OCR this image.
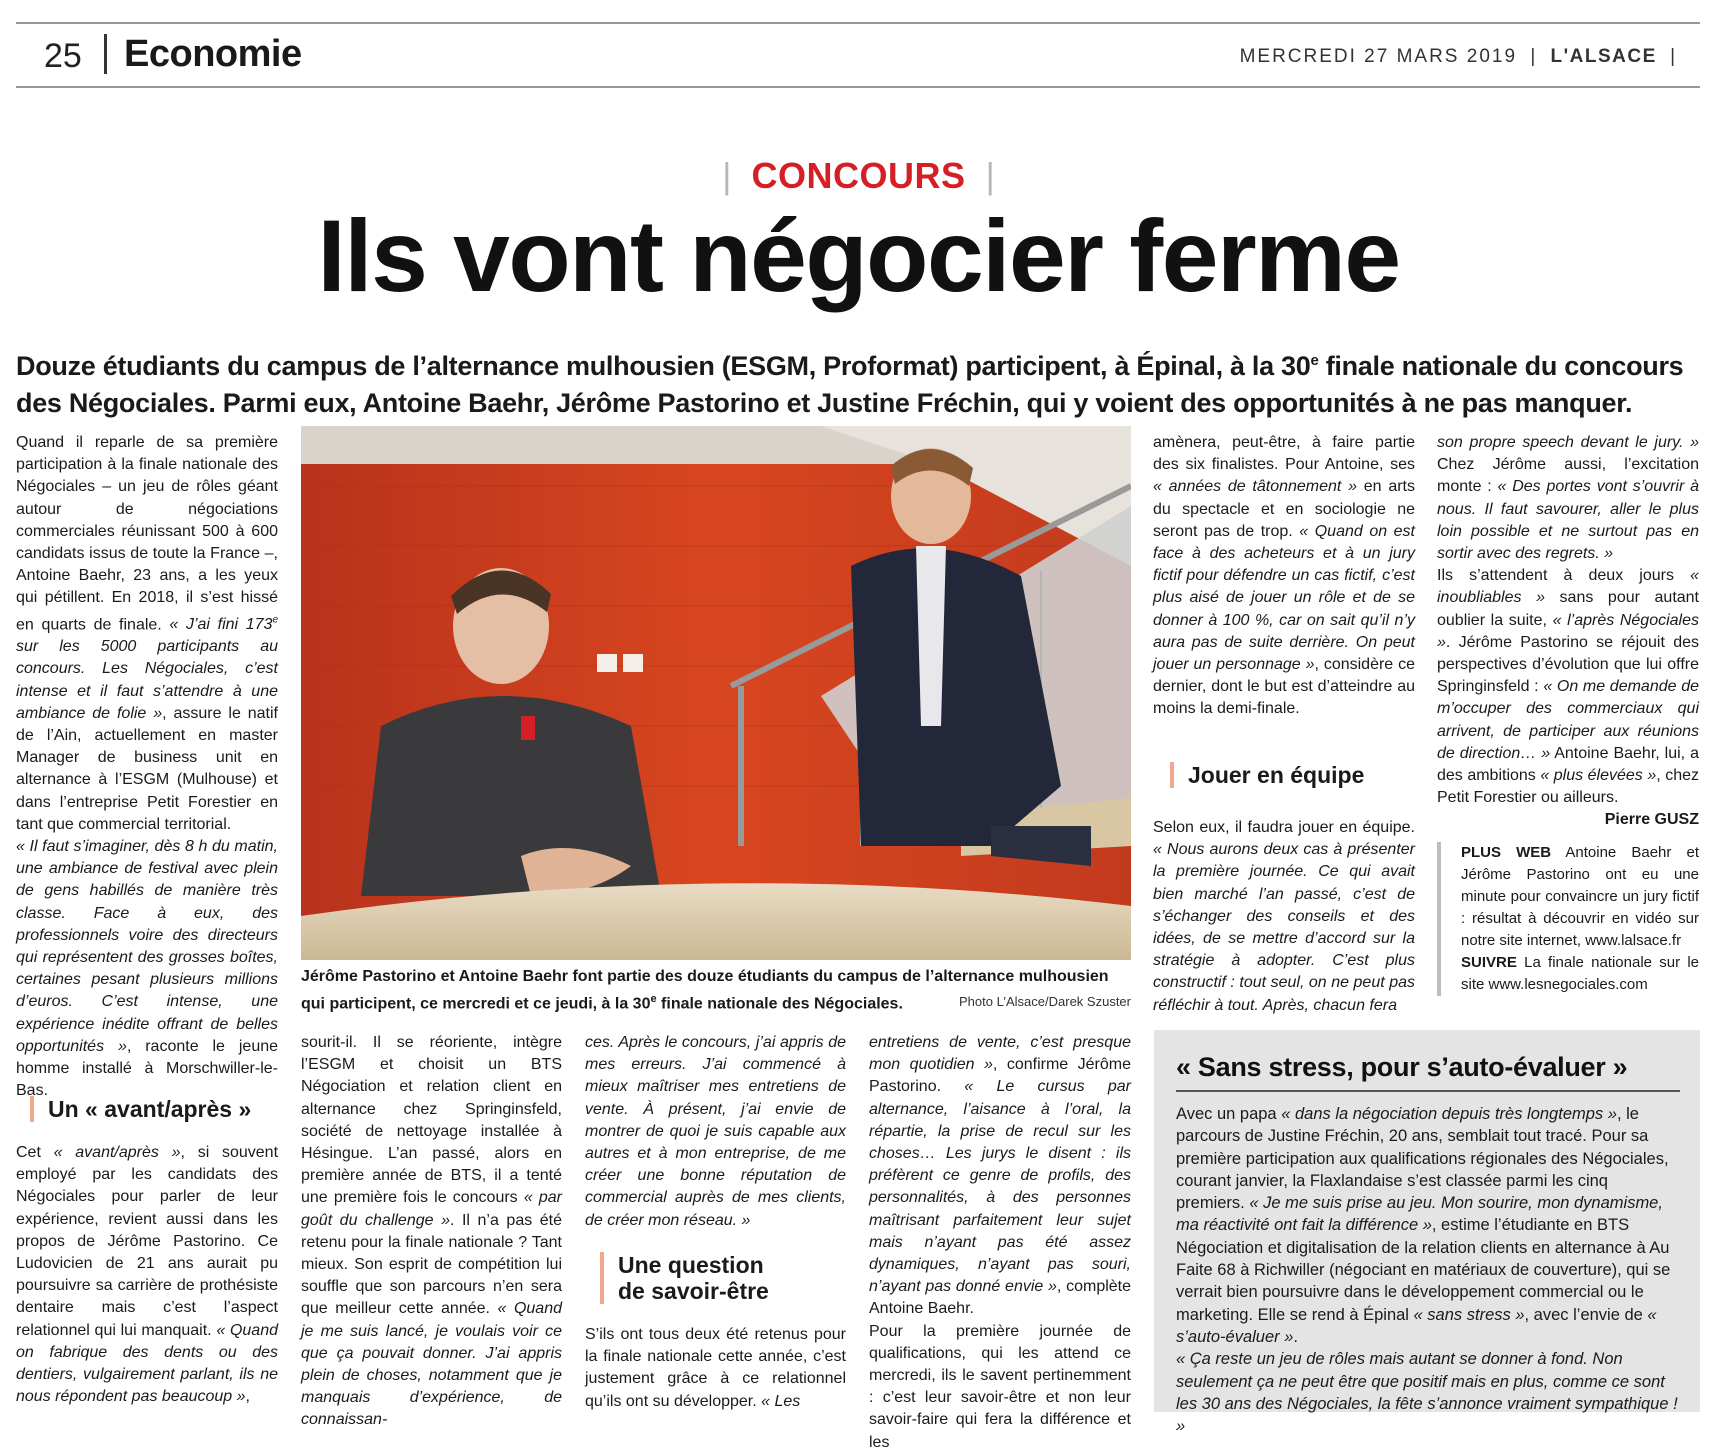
25 Economie	MERCREDI 27 MARS 2019 | L'ALSACE |
| CONCOURS |
Ils vont négocier ferme
Douze étudiants du campus de l’alternance mulhousien (ESGM, Proformat) participent, à Épinal, à la 30e finale nationale du concours des Négociales. Parmi eux, Antoine Baehr, Jérôme Pastorino et Justine Fréchin, qui y voient des opportunités à ne pas manquer.

Quand il reparle de sa première participation à la finale nationale des Négociales – un jeu de rôles géant autour de négociations commerciales réunissant 500 à 600 candidats issus de toute la France –, Antoine Baehr, 23 ans, a les yeux qui pétillent. En 2018, il s’est hissé en quarts de finale. « J’ai fini 173e sur les 5000 participants au concours. Les Négociales, c’est intense et il faut s’attendre à une ambiance de folie », assure le natif de l’Ain, actuellement en master Manager de business unit en alternance à l’ESGM (Mulhouse) et dans l’entreprise Petit Forestier en tant que commercial territorial.

« Il faut s’imaginer, dès 8 h du matin, une ambiance de festival avec plein de gens habillés de manière très classe. Face à eux, des professionnels voire des directeurs qui représentent des grosses boîtes, certaines pesant plusieurs millions d’euros. C’est intense, une expérience inédite offrant de belles opportunités », raconte le jeune homme installé à Morschwiller-le-Bas.

Un « avant/après »

Cet « avant/après », si souvent employé par les candidats des Négociales pour parler de leur expérience, revient aussi dans les propos de Jérôme Pastorino. Ce Ludovicien de 21 ans aurait pu poursuivre sa carrière de prothésiste dentaire mais c’est l’aspect relationnel qui lui manquait. « Quand on fabrique des dents ou des dentiers, vulgairement parlant, ils ne nous répondent pas beaucoup »,

Jérôme Pastorino et Antoine Baehr font partie des douze étudiants du campus de l’alternance mulhousien qui participent, ce mercredi et ce jeudi, à la 30e finale nationale des Négociales.	Photo L’Alsace/Darek Szuster

sourit-il. Il se réoriente, intègre l’ESGM et choisit un BTS Négociation et relation client en alternance chez Springinsfeld, société de nettoyage installée à Hésingue. L’an passé, alors en première année de BTS, il a tenté une première fois le concours « par goût du challenge ». Il n’a pas été retenu pour la finale nationale ? Tant mieux. Son esprit de compétition lui souffle que son parcours n’en sera que meilleur cette année. « Quand je me suis lancé, je voulais voir ce que ça pouvait donner. J’ai appris plein de choses, notamment que je manquais d’expérience, de connaissan-

ces. Après le concours, j’ai appris de mes erreurs. J’ai commencé à mieux maîtriser mes entretiens de vente. À présent, j’ai envie de montrer de quoi je suis capable aux autres et à mon entreprise, de me créer une bonne réputation de commercial auprès de mes clients, de créer mon réseau. »

Une question
de savoir-être

S’ils ont tous deux été retenus pour la finale nationale cette année, c’est justement grâce à ce relationnel qu’ils ont su développer. « Les

entretiens de vente, c’est presque mon quotidien », confirme Jérôme Pastorino. « Le cursus par alternance, l’aisance à l’oral, la répartie, la prise de recul sur les choses… Les jurys le disent : ils préfèrent ce genre de profils, des personnalités, à des personnes maîtrisant parfaitement leur sujet mais n’ayant pas été assez dynamiques, n’ayant pas souri, n’ayant pas donné envie », complète Antoine Baehr.

Pour la première journée de qualifications, qui les attend ce mercredi, ils le savent pertinemment : c’est leur savoir-être et non leur savoir-faire qui fera la différence et les

amènera, peut-être, à faire partie des six finalistes. Pour Antoine, ses « années de tâtonnement » en arts du spectacle et en sociologie ne seront pas de trop. « Quand on est face à des acheteurs et à un jury fictif pour défendre un cas fictif, c’est plus aisé de jouer un rôle et de se donner à 100 %, car on sait qu’il n’y aura pas de suite derrière. On peut jouer un personnage », considère ce dernier, dont le but est d’atteindre au moins la demi-finale.

Jouer en équipe

Selon eux, il faudra jouer en équipe. « Nous aurons deux cas à présenter la première journée. Ce qui avait bien marché l’an passé, c’est de s’échanger des conseils et des idées, de se mettre d’accord sur la stratégie à adopter. C’est plus constructif : tout seul, on ne peut pas réfléchir à tout. Après, chacun fera

son propre speech devant le jury. » Chez Jérôme aussi, l’excitation monte : « Des portes vont s’ouvrir à nous. Il faut savourer, aller le plus loin possible et ne surtout pas en sortir avec des regrets. »

Ils s’attendent à deux jours « inoubliables » sans pour autant oublier la suite, « l’après Négociales ». Jérôme Pastorino se réjouit des perspectives d’évolution que lui offre Springinsfeld : « On me demande de m’occuper des commerciaux qui arrivent, de participer aux réunions de direction… » Antoine Baehr, lui, a des ambitions « plus élevées », chez Petit Forestier ou ailleurs.

Pierre GUSZ

PLUS WEB Antoine Baehr et Jérôme Pastorino ont eu une minute pour convaincre un jury fictif : résultat à découvrir en vidéo sur notre site internet, www.lalsace.fr
SUIVRE La finale nationale sur le site www.lesnegociales.com
« Sans stress, pour s’auto-évaluer »
Avec un papa « dans la négociation depuis très longtemps », le parcours de Justine Fréchin, 20 ans, semblait tout tracé. Pour sa première participation aux qualifications régionales des Négociales, courant janvier, la Flaxlandaise s’est classée parmi les cinq premiers. « Je me suis prise au jeu. Mon sourire, mon dynamisme, ma réactivité ont fait la différence », estime l’étudiante en BTS Négociation et digitalisation de la relation clients en alternance à Au Faite 68 à Richwiller (négociant en matériaux de couverture), qui se verrait bien poursuivre dans le développement commercial ou le marketing. Elle se rend à Épinal « sans stress », avec l’envie de « s’auto-évaluer ».
« Ça reste un jeu de rôles mais autant se donner à fond. Non seulement ça ne peut être que positif mais en plus, comme ce sont les 30 ans des Négociales, la fête s’annonce vraiment sympathique ! »
